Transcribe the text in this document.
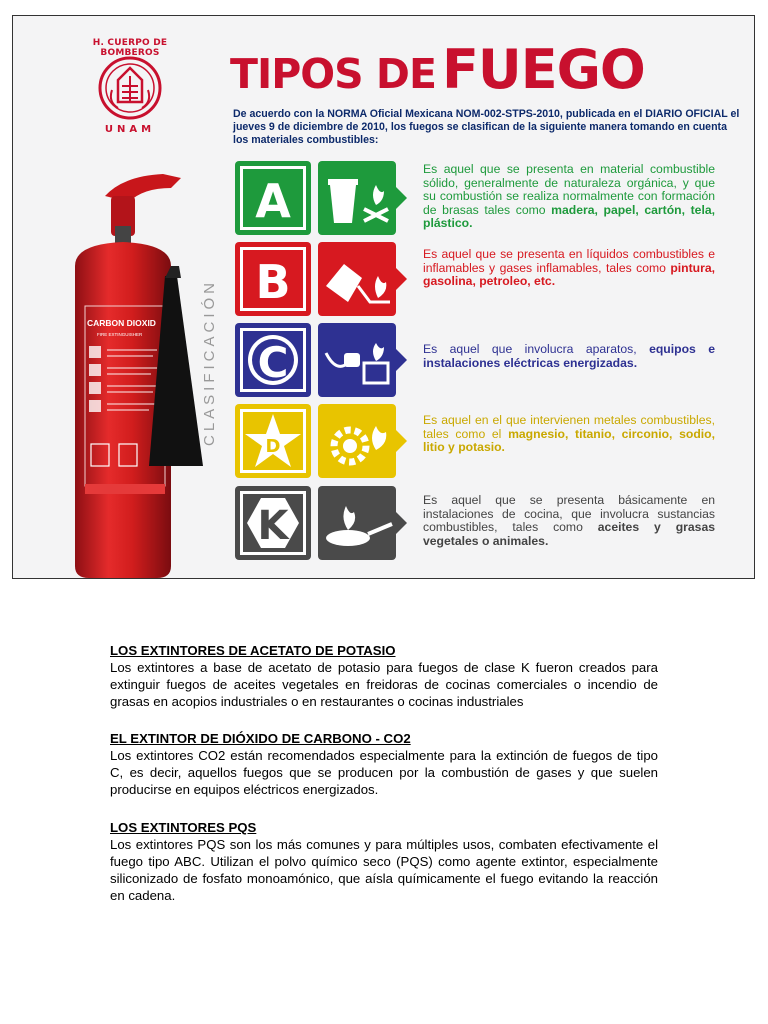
H. CUERPO DE BOMBEROS
UNAM
TIPOS DE FUEGO
De acuerdo con la NORMA Oficial Mexicana NOM-002-STPS-2010, publicada en el DIARIO OFICIAL el jueves 9 de diciembre de 2010, los fuegos se clasifican de la siguiente manera tomando en cuenta los materiales combustibles:
CLASIFICACIÓN
CARBON DIOXID
FIRE EXTINGUISHER
A
Es aquel que se presenta en material combustible sólido, generalmente de naturaleza orgánica, y que su combustión se realiza normalmente con formación de brasas tales como madera, papel, cartón, tela, plástico.
B
Es aquel que se presenta en líquidos combustibles e inflamables y gases inflamables, tales como pintura, gasolina, petroleo, etc.
C	Es aquel que involucra aparatos, equipos e instalaciones eléctricas energizadas.
D
Es aquel en el que intervienen metales combustibles, tales como el magnesio, titanio, circonio, sodio, litio y potasio.
K
Es aquel que se presenta básicamente en instalaciones de cocina, que involucra sustancias combustibles, tales como aceites y grasas vegetales o animales.
LOS EXTINTORES DE ACETATO DE POTASIO

Los extintores a base de acetato de potasio para fuegos de clase K fueron creados para extinguir fuegos de aceites vegetales en freidoras de cocinas comerciales o incendio de grasas en acopios industriales o en restaurantes o cocinas industriales

EL EXTINTOR DE DIÓXIDO DE CARBONO - CO2

Los extintores CO2 están recomendados especialmente para la extinción de fuegos de tipo C, es decir, aquellos fuegos que se producen por la combustión de gases y que suelen producirse en equipos eléctricos energizados.

LOS EXTINTORES PQS

Los extintores PQS son los más comunes y para múltiples usos, combaten efectivamente el fuego tipo ABC. Utilizan el polvo químico seco (PQS) como agente extintor, especialmente siliconizado de fosfato monoamónico, que aísla químicamente el fuego evitando la reacción en cadena.
